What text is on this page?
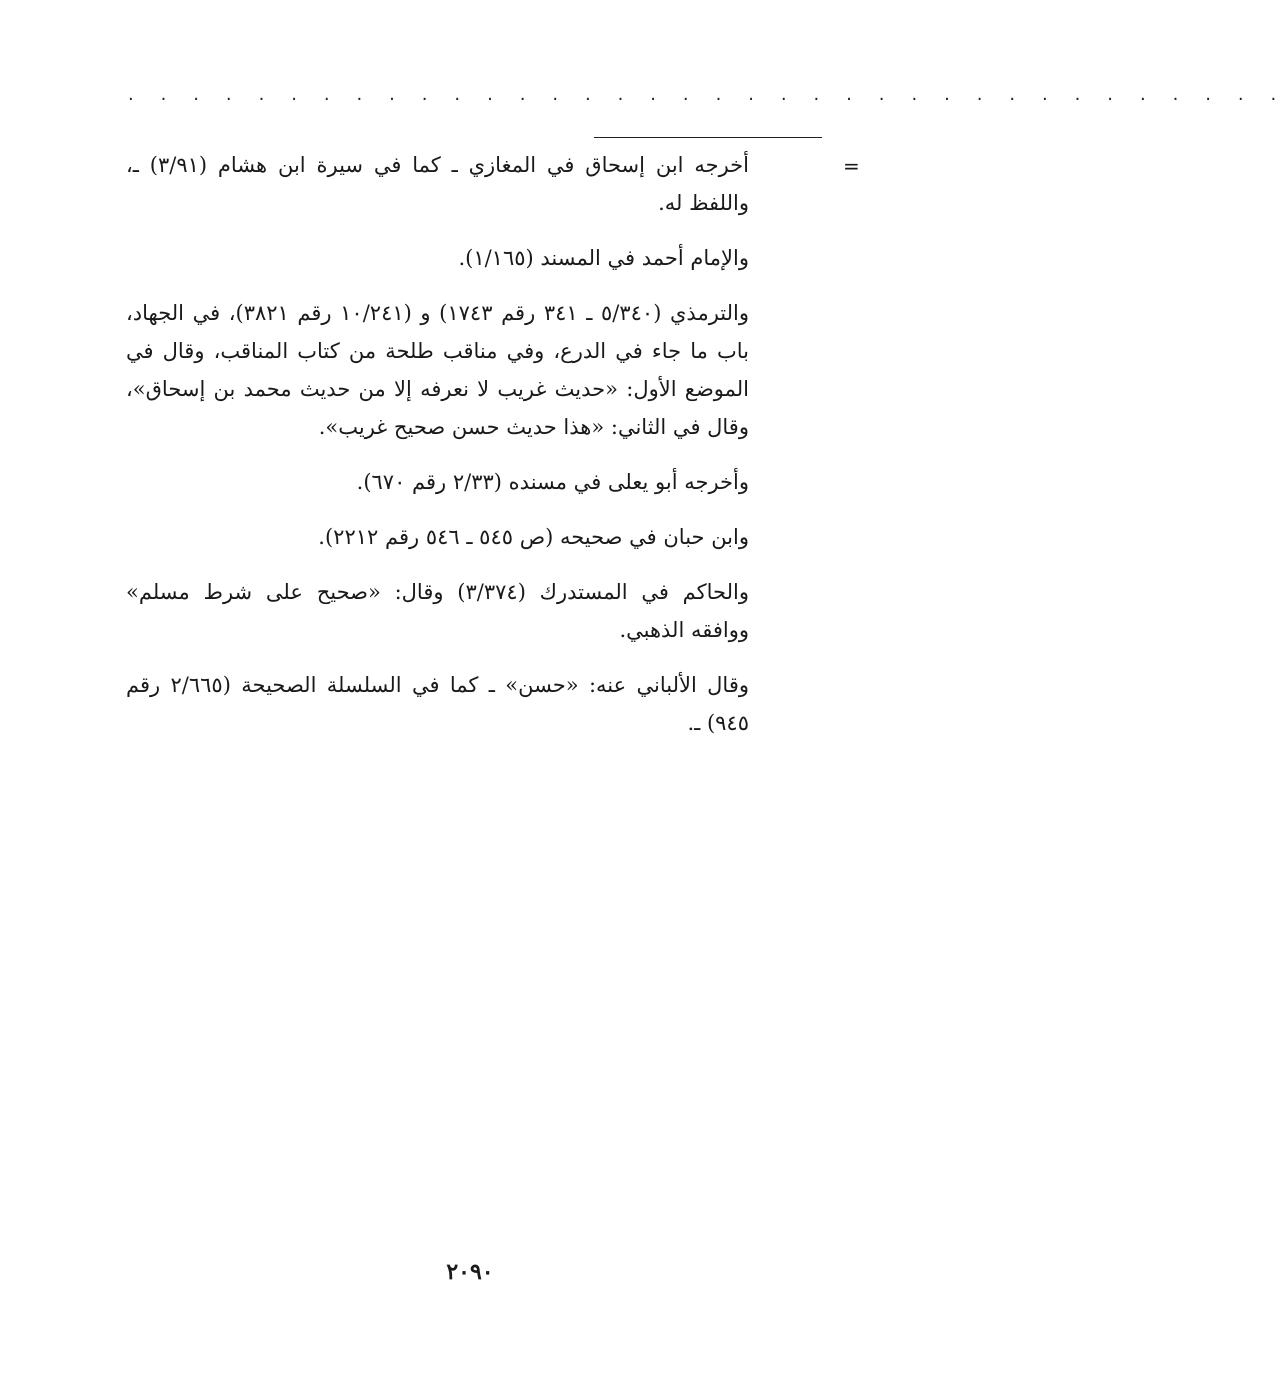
. . . . . . . . . . . . . . . . . . . . . . . . . . . . . . . . . . . .
=

أخرجه ابن إسحاق في المغازي ـ كما في سيرة ابن هشام (٣/٩١) ـ، واللفظ له.

والإمام أحمد في المسند (١/١٦٥).

والترمذي (٥/٣٤٠ ـ ٣٤١ رقم ١٧٤٣) و (١٠/٢٤١ رقم ٣٨٢١)، في الجهاد، باب ما جاء في الدرع، وفي مناقب طلحة من كتاب المناقب، وقال في الموضع الأول: «حديث غريب لا نعرفه إلا من حديث محمد بن إسحاق»، وقال في الثاني: «هذا حديث حسن صحيح غريب».

وأخرجه أبو يعلى في مسنده (٢/٣٣ رقم ٦٧٠).

وابن حبان في صحيحه (ص ٥٤٥ ـ ٥٤٦ رقم ٢٢١٢).

والحاكم في المستدرك (٣/٣٧٤) وقال: «صحيح على شرط مسلم» ووافقه الذهبي.

وقال الألباني عنه: «حسن» ـ كما في السلسلة الصحيحة (٢/٦٦٥ رقم ٩٤٥) ـ.

٢٠٩٠
